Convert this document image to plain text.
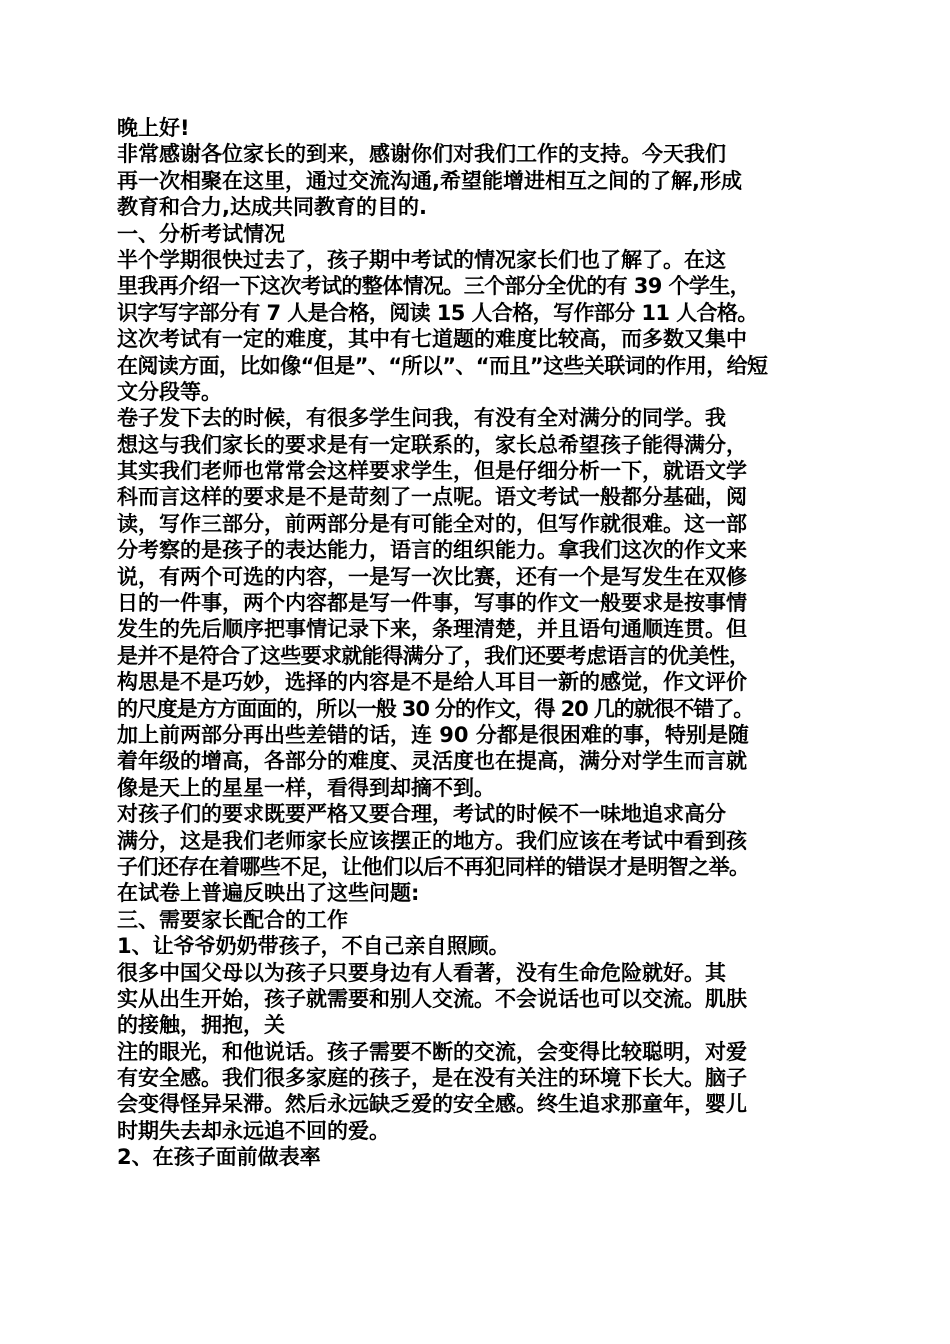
晚上好!
非常感谢各位家长的到来，感谢你们对我们工作的支持。今天我们
再一次相聚在这里，通过交流沟通,希望能增进相互之间的了解,形成
教育和合力,达成共同教育的目的.
一、分析考试情况
半个学期很快过去了，孩子期中考试的情况家长们也了解了。在这
里我再介绍一下这次考试的整体情况。三个部分全优的有 39 个学生，
识字写字部分有 7 人是合格，阅读 15 人合格，写作部分 11 人合格。
这次考试有一定的难度，其中有七道题的难度比较高，而多数又集中
在阅读方面，比如像“但是”、“所以”、“而且”这些关联词的作用，给短
文分段等。
卷子发下去的时候，有很多学生问我，有没有全对满分的同学。我
想这与我们家长的要求是有一定联系的，家长总希望孩子能得满分，
其实我们老师也常常会这样要求学生，但是仔细分析一下，就语文学
科而言这样的要求是不是苛刻了一点呢。语文考试一般都分基础，阅
读，写作三部分，前两部分是有可能全对的，但写作就很难。这一部
分考察的是孩子的表达能力，语言的组织能力。拿我们这次的作文来
说，有两个可选的内容，一是写一次比赛，还有一个是写发生在双修
日的一件事，两个内容都是写一件事，写事的作文一般要求是按事情
发生的先后顺序把事情记录下来，条理清楚，并且语句通顺连贯。但
是并不是符合了这些要求就能得满分了，我们还要考虑语言的优美性，
构思是不是巧妙，选择的内容是不是给人耳目一新的感觉，作文评价
的尺度是方方面面的，所以一般 30 分的作文，得 20 几的就很不错了。
加上前两部分再出些差错的话，连 90 分都是很困难的事，特别是随
着年级的增高，各部分的难度、灵活度也在提高，满分对学生而言就
像是天上的星星一样，看得到却摘不到。
对孩子们的要求既要严格又要合理，考试的时候不一味地追求高分
满分，这是我们老师家长应该摆正的地方。我们应该在考试中看到孩
子们还存在着哪些不足，让他们以后不再犯同样的错误才是明智之举。
在试卷上普遍反映出了这些问题:
三、需要家长配合的工作
1、让爷爷奶奶带孩子，不自己亲自照顾。
很多中国父母以为孩子只要身边有人看著，没有生命危险就好。其
实从出生开始，孩子就需要和别人交流。不会说话也可以交流。肌肤
的接触，拥抱，关
注的眼光，和他说话。孩子需要不断的交流，会变得比较聪明，对爱
有安全感。我们很多家庭的孩子，是在没有关注的环境下长大。脑子
会变得怪异呆滞。然后永远缺乏爱的安全感。终生追求那童年，婴儿
时期失去却永远追不回的爱。
2、在孩子面前做表率
